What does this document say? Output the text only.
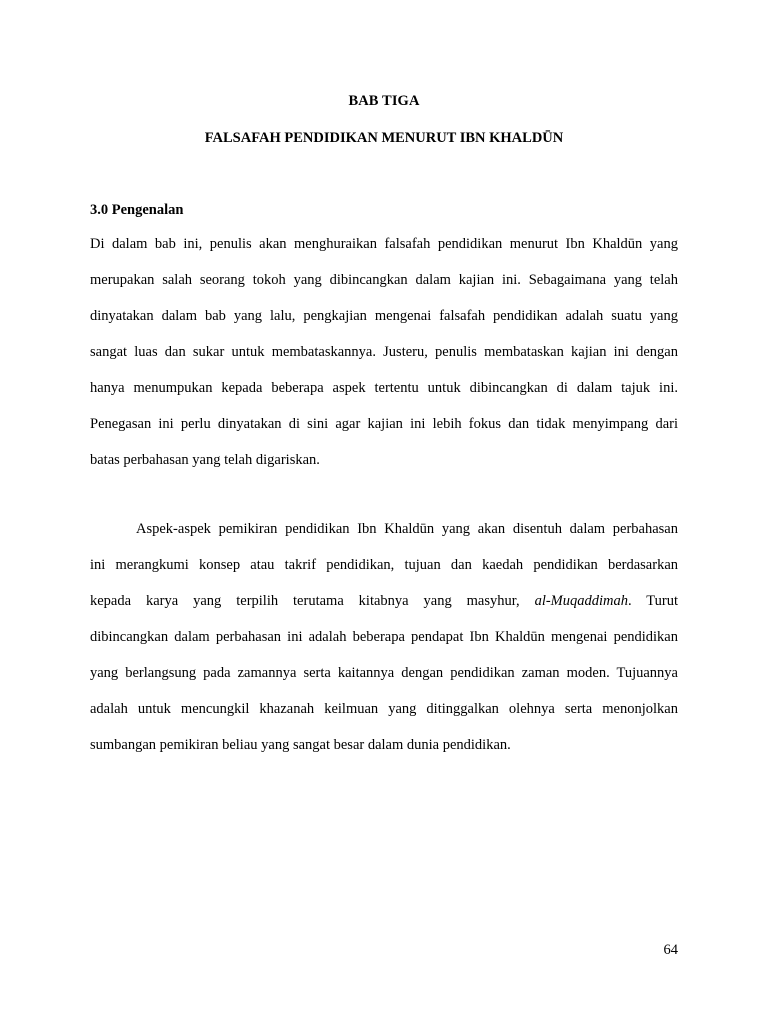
BAB TIGA
FALSAFAH PENDIDIKAN MENURUT IBN KHALDŪN
3.0 Pengenalan
Di dalam bab ini, penulis akan menghuraikan falsafah pendidikan menurut Ibn Khaldūn yang
merupakan salah seorang tokoh yang dibincangkan dalam kajian ini. Sebagaimana yang telah
dinyatakan dalam bab yang lalu, pengkajian mengenai falsafah pendidikan adalah suatu yang
sangat luas dan sukar untuk membataskannya. Justeru, penulis membataskan kajian ini dengan
hanya menumpukan kepada beberapa aspek tertentu untuk dibincangkan di dalam tajuk ini.
Penegasan ini perlu dinyatakan di sini agar kajian ini lebih fokus dan tidak menyimpang dari
batas perbahasan yang telah digariskan.
Aspek-aspek pemikiran pendidikan Ibn Khaldūn yang akan disentuh dalam perbahasan
ini merangkumi konsep atau takrif pendidikan, tujuan dan kaedah pendidikan berdasarkan
kepada karya yang terpilih terutama kitabnya yang masyhur, al-Muqaddimah. Turut
dibincangkan dalam perbahasan ini adalah beberapa pendapat Ibn Khaldūn mengenai pendidikan
yang berlangsung pada zamannya serta kaitannya dengan pendidikan zaman moden. Tujuannya
adalah untuk mencungkil khazanah keilmuan yang ditinggalkan olehnya serta menonjolkan
sumbangan pemikiran beliau yang sangat besar dalam dunia pendidikan.
64
